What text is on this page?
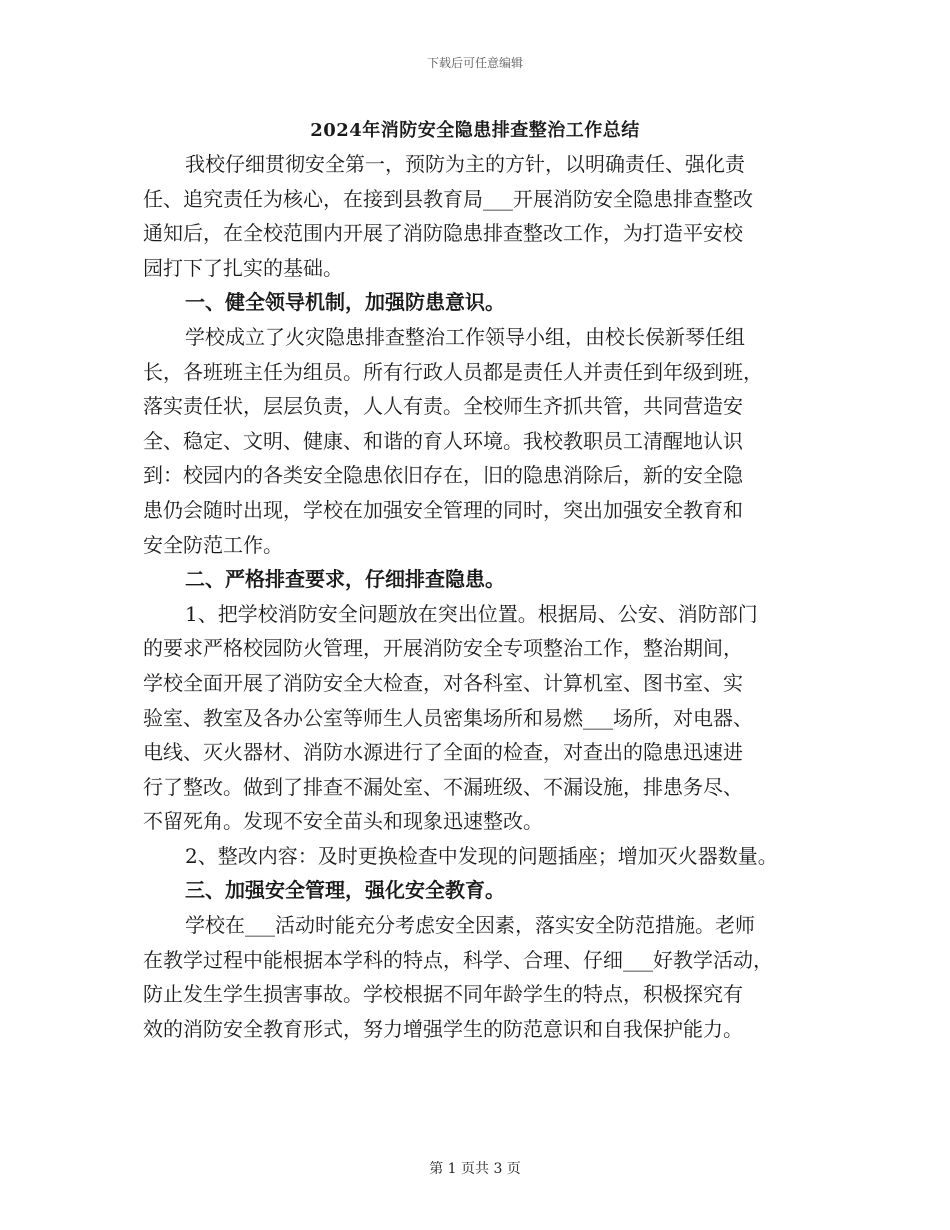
下载后可任意编辑
2024年消防安全隐患排查整治工作总结
我校仔细贯彻安全第一，预防为主的方针，以明确责任、强化责
任、追究责任为核心，在接到县教育局___开展消防安全隐患排查整改
通知后，在全校范围内开展了消防隐患排查整改工作，为打造平安校
园打下了扎实的基础。
一、健全领导机制，加强防患意识。
学校成立了火灾隐患排查整治工作领导小组，由校长侯新琴任组
长，各班班主任为组员。所有行政人员都是责任人并责任到年级到班，
落实责任状，层层负责，人人有责。全校师生齐抓共管，共同营造安
全、稳定、文明、健康、和谐的育人环境。我校教职员工清醒地认识
到：校园内的各类安全隐患依旧存在，旧的隐患消除后，新的安全隐
患仍会随时出现，学校在加强安全管理的同时，突出加强安全教育和
安全防范工作。
二、严格排查要求，仔细排查隐患。
1、把学校消防安全问题放在突出位置。根据局、公安、消防部门
的要求严格校园防火管理，开展消防安全专项整治工作，整治期间，
学校全面开展了消防安全大检查，对各科室、计算机室、图书室、实
验室、教室及各办公室等师生人员密集场所和易燃___场所，对电器、
电线、灭火器材、消防水源进行了全面的检查，对查出的隐患迅速进
行了整改。做到了排查不漏处室、不漏班级、不漏设施，排患务尽、
不留死角。发现不安全苗头和现象迅速整改。
2、整改内容：及时更换检查中发现的问题插座；增加灭火器数量。
三、加强安全管理，强化安全教育。
学校在___活动时能充分考虑安全因素，落实安全防范措施。老师
在教学过程中能根据本学科的特点，科学、合理、仔细___好教学活动，
防止发生学生损害事故。学校根据不同年龄学生的特点，积极探究有
效的消防安全教育形式，努力增强学生的防范意识和自我保护能力。
第 1 页共 3 页
